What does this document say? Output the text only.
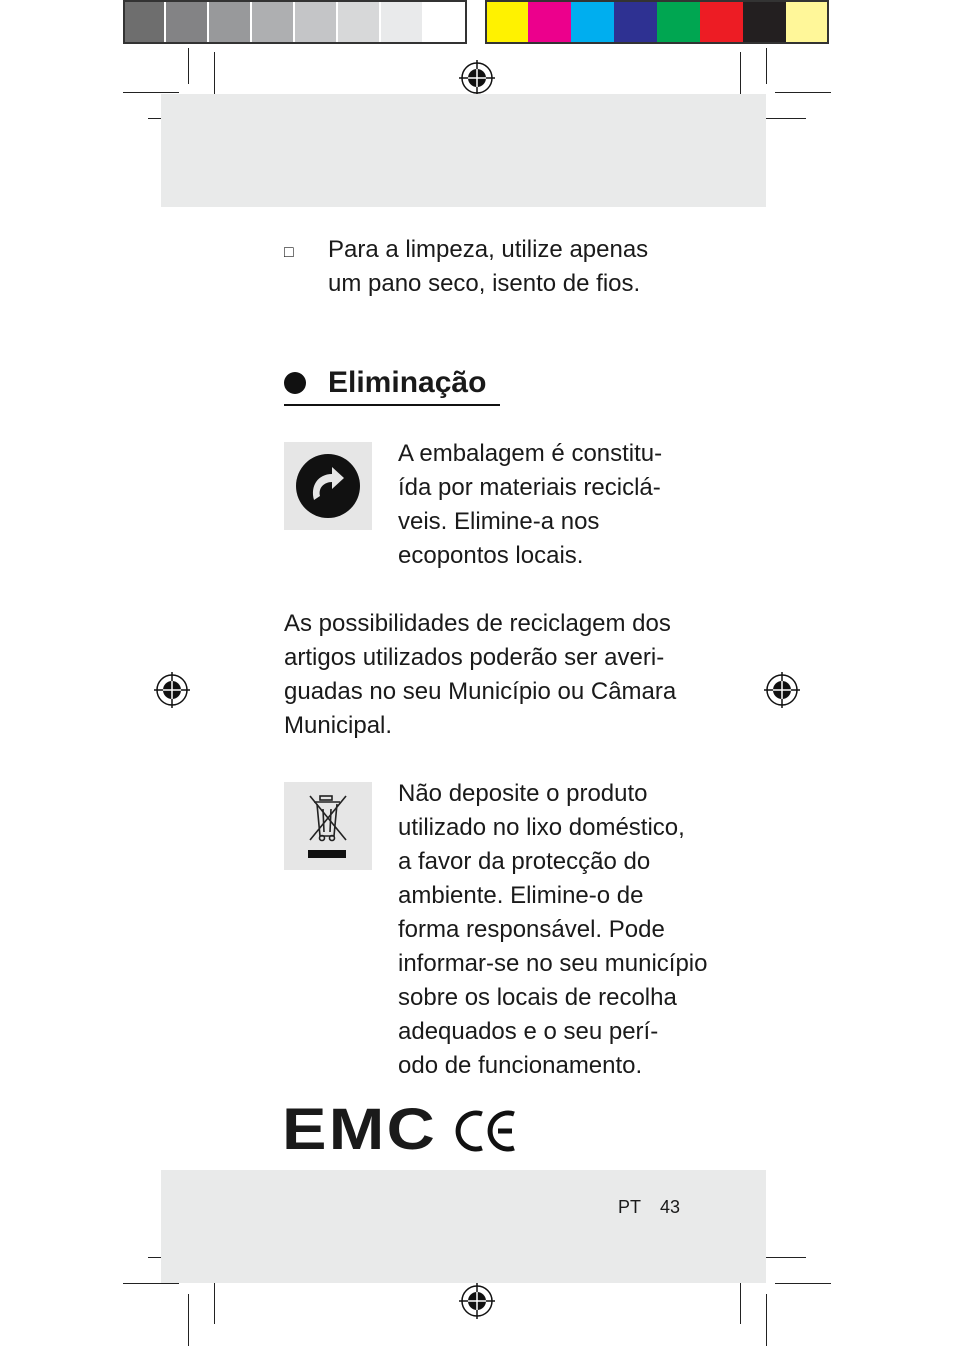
□ Para a limpeza, utilize apenas
um pano seco, isento de fios.

Eliminação

A embalagem é constitu-
ída por materiais reciclá-
veis. Elimine-a nos
ecopontos locais.

As possibilidades de reciclagem dos
artigos utilizados poderão ser averi-
guadas no seu Município ou Câmara
Municipal.

Não deposite o produto
utilizado no lixo doméstico,
a favor da protecção do
ambiente. Elimine-o de
forma responsável. Pode
informar-se no seu município
sobre os locais de recolha
adequados e o seu perí-
odo de funcionamento.

EMC
PT 43
